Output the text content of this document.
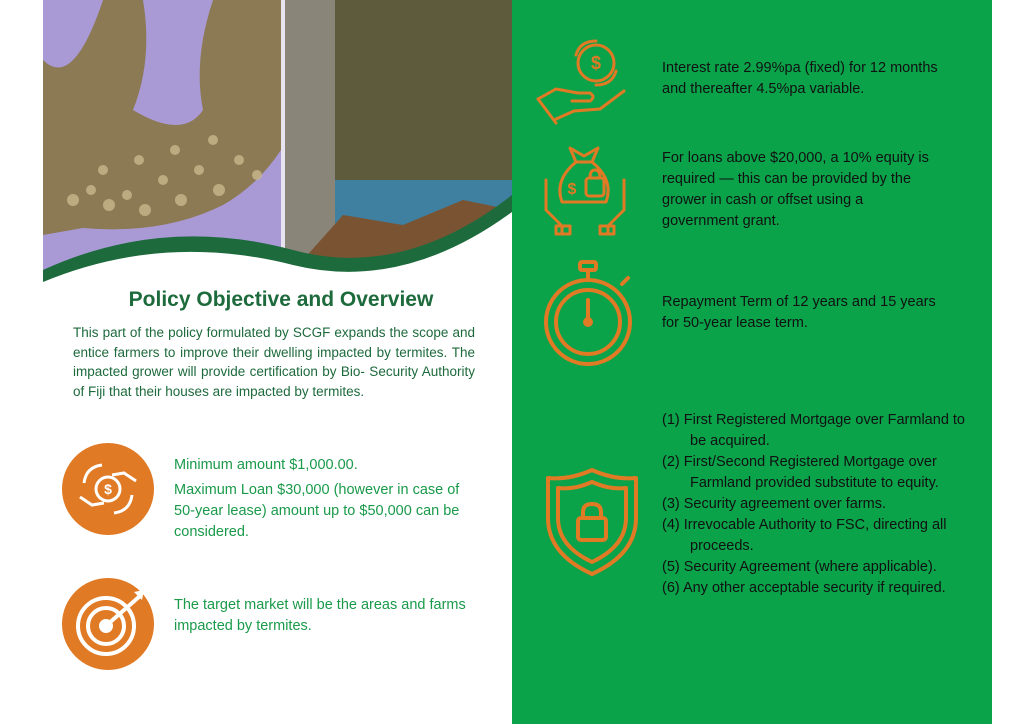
Policy Objective and Overview
This part of the policy formulated by SCGF expands the scope and entice farmers to improve their dwelling impacted by termites. The impacted grower will provide certification by Bio- Security Authority of Fiji that their houses are impacted by termites.
$
Minimum amount $1,000.00.
Maximum Loan $30,000 (however in case of 50-year lease) amount up to $50,000 can be considered.
The target market will be the areas and farms impacted by termites.
$	Interest rate 2.99%pa (fixed) for 12 months and thereafter 4.5%pa variable.
$
For loans above $20,000, a 10% equity is required — this can be provided by the grower in cash or offset using a government grant.
Repayment Term of 12 years and 15 years for 50-year lease term.
(1) First Registered Mortgage over Farmland to be acquired.
(2) First/Second Registered Mortgage over Farmland provided substitute to equity.
(3) Security agreement over farms.
(4) Irrevocable Authority to FSC, directing all proceeds.
(5) Security Agreement (where applicable).
(6) Any other acceptable security if required.
